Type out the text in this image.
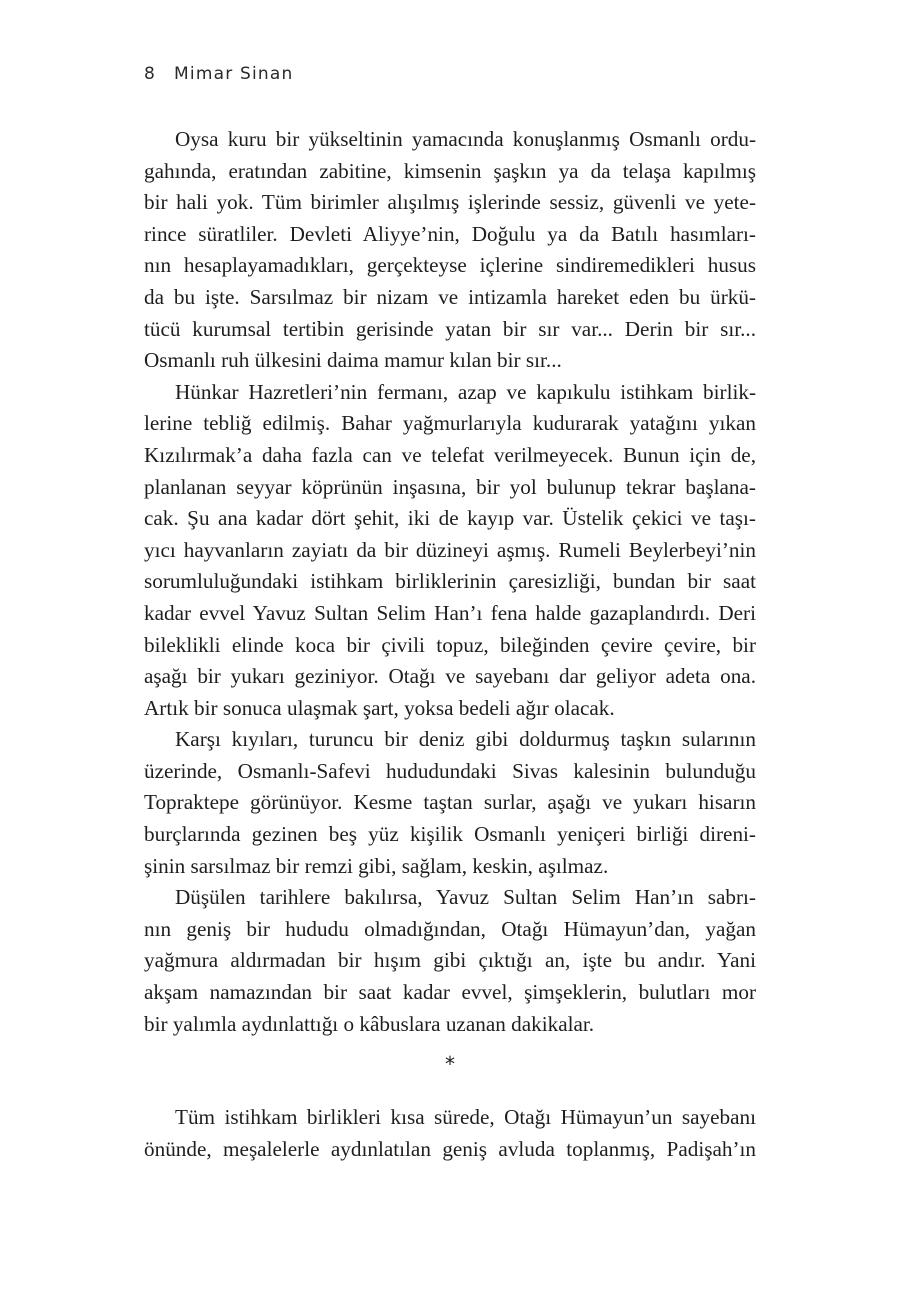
8 Mimar Sinan

Oysa kuru bir yükseltinin yamacında konuşlanmış Osmanlı ordu-
gahında, eratından zabitine, kimsenin şaşkın ya da telaşa kapılmış
bir hali yok. Tüm birimler alışılmış işlerinde sessiz, güvenli ve yete-
rince süratliler. Devleti Aliyye’nin, Doğulu ya da Batılı hasımları-
nın hesaplayamadıkları, gerçekteyse içlerine sindiremedikleri husus
da bu işte. Sarsılmaz bir nizam ve intizamla hareket eden bu ürkü-
tücü kurumsal tertibin gerisinde yatan bir sır var... Derin bir sır...
Osmanlı ruh ülkesini daima mamur kılan bir sır...

Hünkar Hazretleri’nin fermanı, azap ve kapıkulu istihkam birlik-
lerine tebliğ edilmiş. Bahar yağmurlarıyla kudurarak yatağını yıkan
Kızılırmak’a daha fazla can ve telefat verilmeyecek. Bunun için de,
planlanan seyyar köprünün inşasına, bir yol bulunup tekrar başlana-
cak. Şu ana kadar dört şehit, iki de kayıp var. Üstelik çekici ve taşı-
yıcı hayvanların zayiatı da bir düzineyi aşmış. Rumeli Beylerbeyi’nin
sorumluluğundaki istihkam birliklerinin çaresizliği, bundan bir saat
kadar evvel Yavuz Sultan Selim Han’ı fena halde gazaplandırdı. Deri
bileklikli elinde koca bir çivili topuz, bileğinden çevire çevire, bir
aşağı bir yukarı geziniyor. Otağı ve sayebanı dar geliyor adeta ona.
Artık bir sonuca ulaşmak şart, yoksa bedeli ağır olacak.

Karşı kıyıları, turuncu bir deniz gibi doldurmuş taşkın sularının
üzerinde, Osmanlı-Safevi hududundaki Sivas kalesinin bulunduğu
Topraktepe görünüyor. Kesme taştan surlar, aşağı ve yukarı hisarın
burçlarında gezinen beş yüz kişilik Osmanlı yeniçeri birliği direni-
şinin sarsılmaz bir remzi gibi, sağlam, keskin, aşılmaz.

Düşülen tarihlere bakılırsa, Yavuz Sultan Selim Han’ın sabrı-
nın geniş bir hududu olmadığından, Otağı Hümayun’dan, yağan
yağmura aldırmadan bir hışım gibi çıktığı an, işte bu andır. Yani
akşam namazından bir saat kadar evvel, şimşeklerin, bulutları mor
bir yalımla aydınlattığı o kâbuslara uzanan dakikalar.

*

Tüm istihkam birlikleri kısa sürede, Otağı Hümayun’un sayebanı
önünde, meşalelerle aydınlatılan geniş avluda toplanmış, Padişah’ın
